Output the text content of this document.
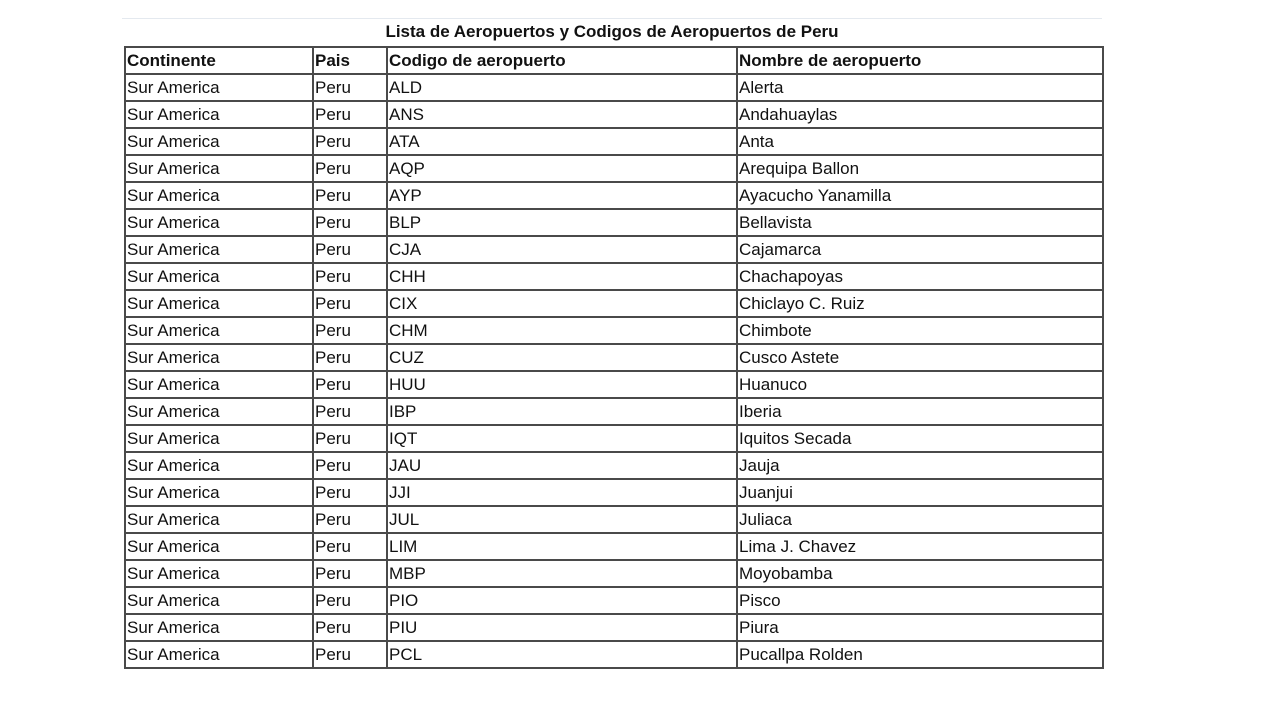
Lista de Aeropuertos y Codigos de Aeropuertos de Peru
Continente	Pais	Codigo de aeropuerto	Nombre de aeropuerto
Sur America	Peru	ALD	Alerta
Sur America	Peru	ANS	Andahuaylas
Sur America	Peru	ATA	Anta
Sur America	Peru	AQP	Arequipa Ballon
Sur America	Peru	AYP	Ayacucho Yanamilla
Sur America	Peru	BLP	Bellavista
Sur America	Peru	CJA	Cajamarca
Sur America	Peru	CHH	Chachapoyas
Sur America	Peru	CIX	Chiclayo C. Ruiz
Sur America	Peru	CHM	Chimbote
Sur America	Peru	CUZ	Cusco Astete
Sur America	Peru	HUU	Huanuco
Sur America	Peru	IBP	Iberia
Sur America	Peru	IQT	Iquitos Secada
Sur America	Peru	JAU	Jauja
Sur America	Peru	JJI	Juanjui
Sur America	Peru	JUL	Juliaca
Sur America	Peru	LIM	Lima J. Chavez
Sur America	Peru	MBP	Moyobamba
Sur America	Peru	PIO	Pisco
Sur America	Peru	PIU	Piura
Sur America	Peru	PCL	Pucallpa Rolden
